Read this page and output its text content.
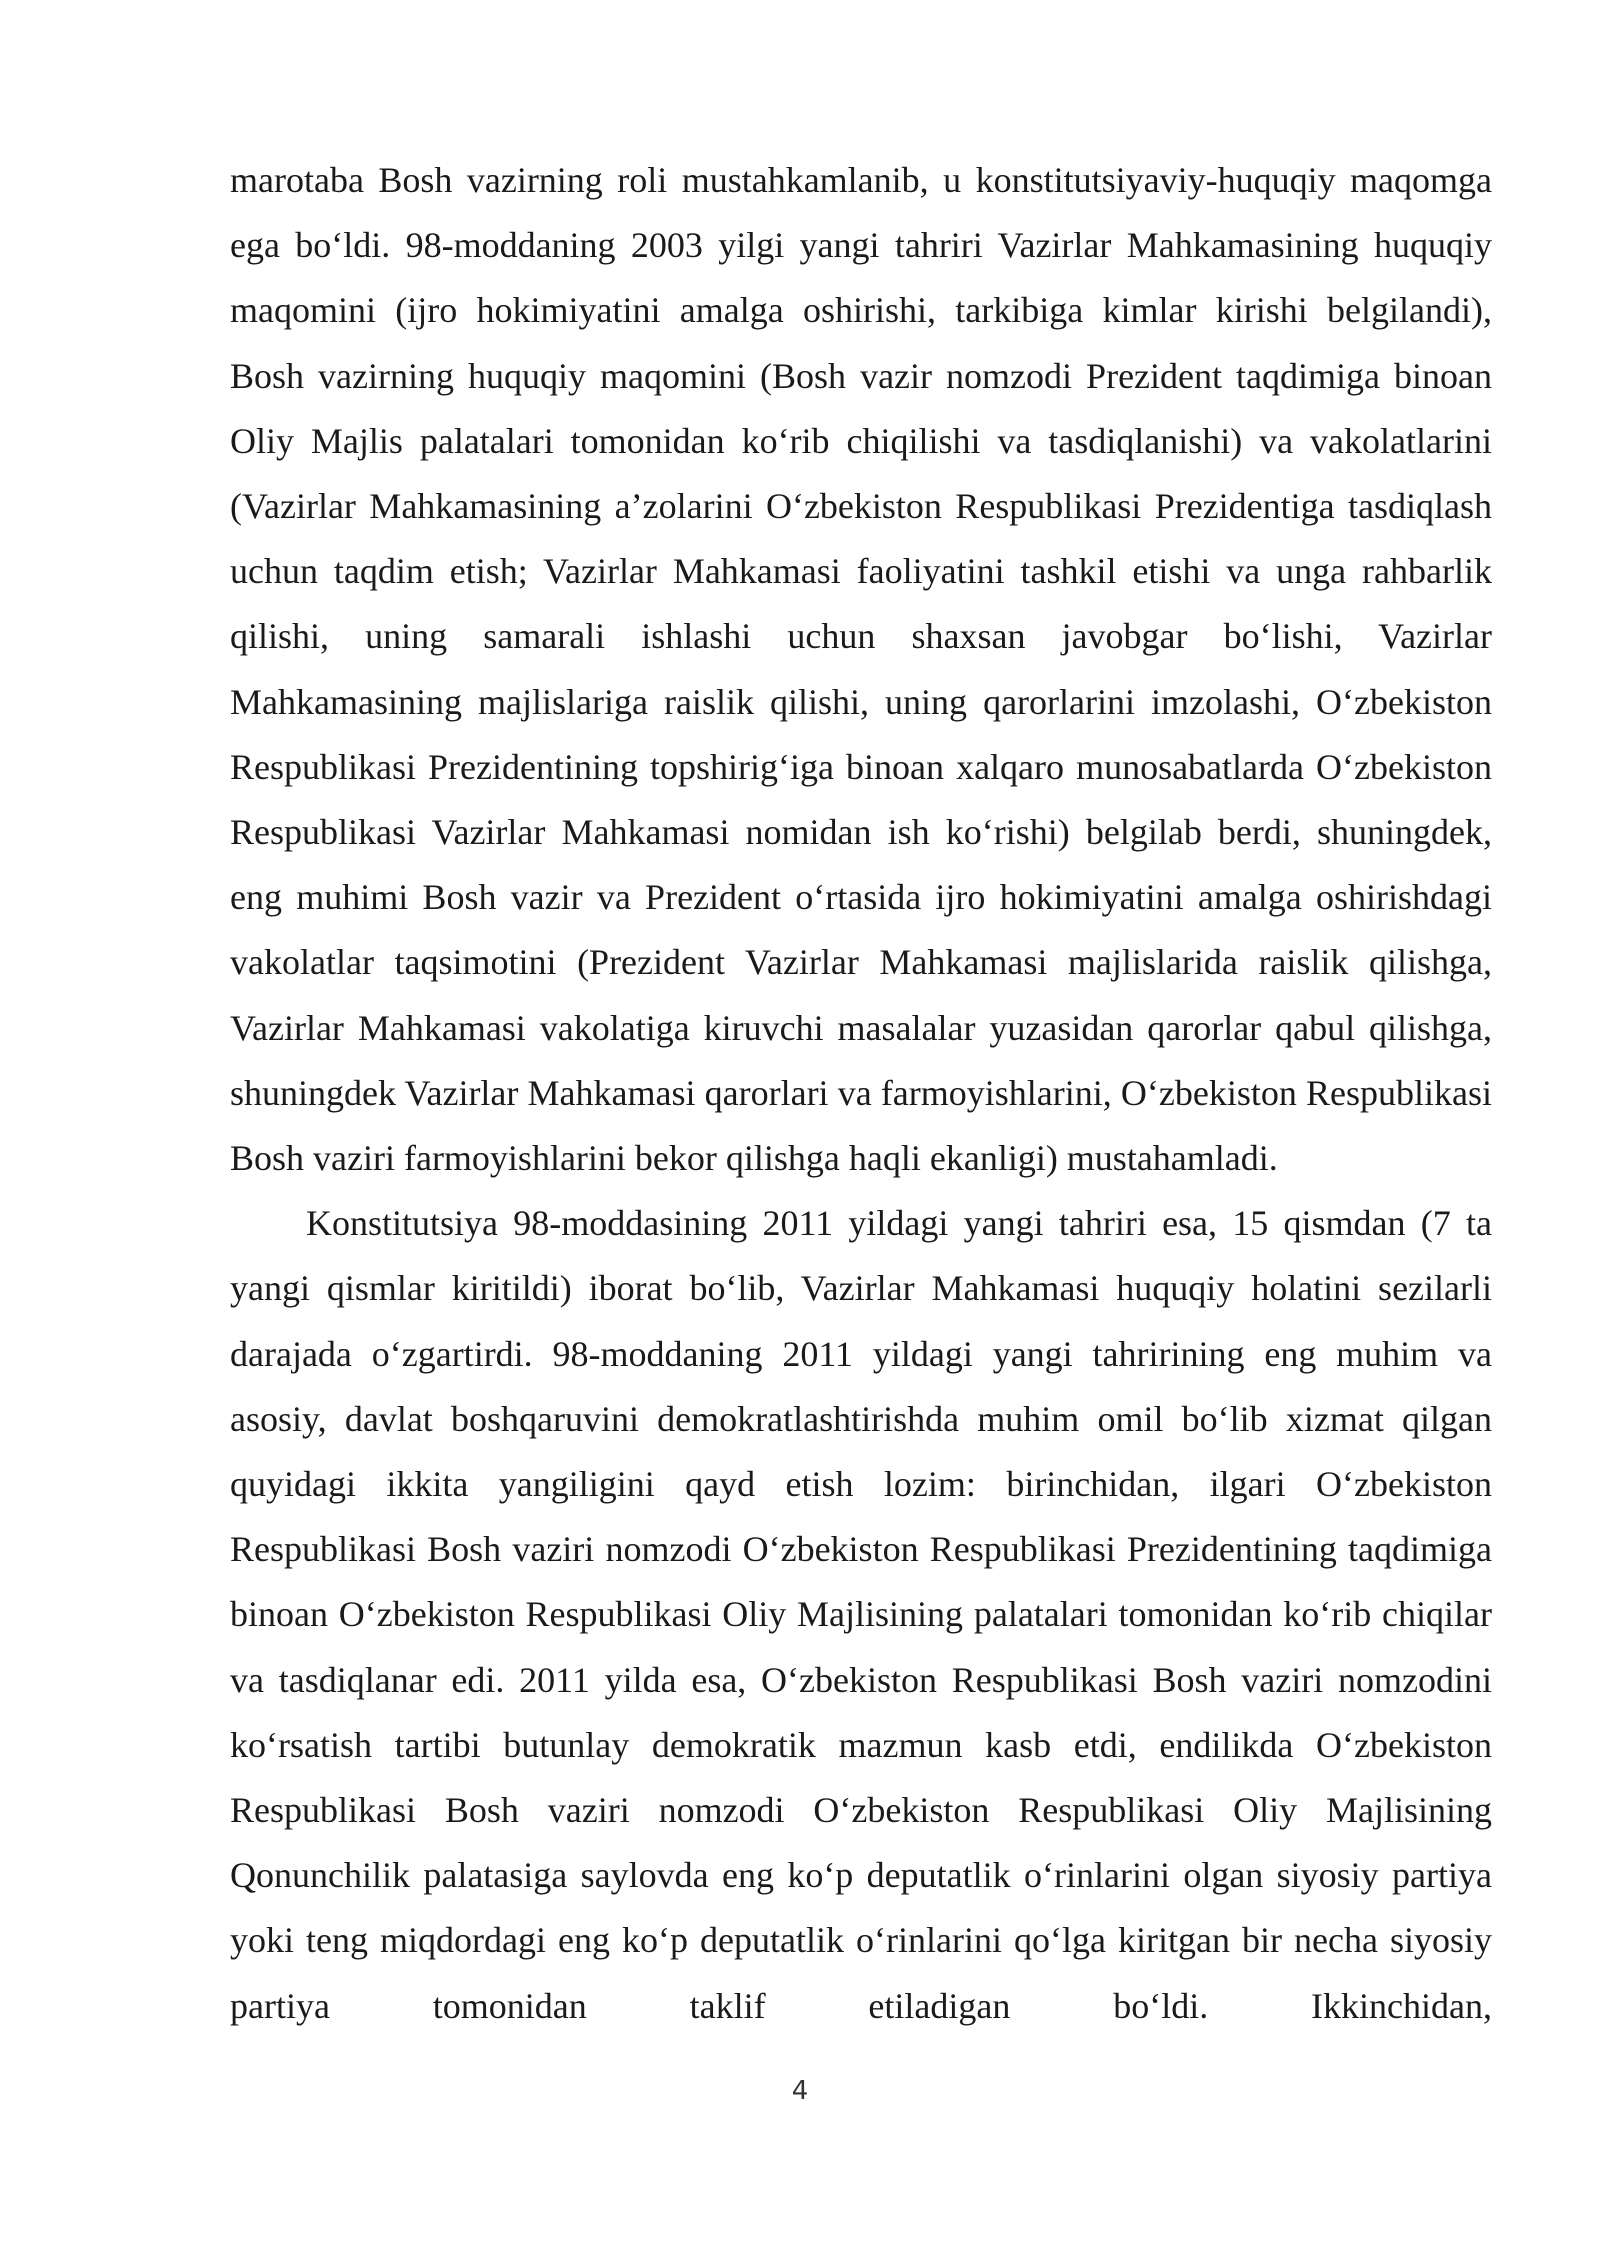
marotaba Bosh vazirning roli mustahkamlanib, u konstitutsiyaviy-huquqiy maqomga ega bo‘ldi. 98-moddaning 2003 yilgi yangi tahriri Vazirlar Mahkamasining huquqiy maqomini (ijro hokimiyatini amalga oshirishi, tarkibiga kimlar kirishi belgilandi), Bosh vazirning huquqiy maqomini (Bosh vazir nomzodi Prezident taqdimiga binoan Oliy Majlis palatalari tomonidan ko‘rib chiqilishi va tasdiqlanishi) va vakolatlarini (Vazirlar Mahkamasining a’zolarini O‘zbekiston Respublikasi Prezidentiga tasdiqlash uchun taqdim etish; Vazirlar Mahkamasi faoliyatini tashkil etishi va unga rahbarlik qilishi, uning samarali ishlashi uchun shaxsan javobgar bo‘lishi, Vazirlar Mahkamasining majlislariga raislik qilishi, uning qarorlarini imzolashi, O‘zbekiston Respublikasi Prezidentining topshirig‘iga binoan xalqaro munosabatlarda O‘zbekiston Respublikasi Vazirlar Mahkamasi nomidan ish ko‘rishi) belgilab berdi, shuningdek, eng muhimi Bosh vazir va Prezident o‘rtasida ijro hokimiyatini amalga oshirishdagi vakolatlar taqsimotini (Prezident Vazirlar Mahkamasi majlislarida raislik qilishga, Vazirlar Mahkamasi vakolatiga kiruvchi masalalar yuzasidan qarorlar qabul qilishga, shuningdek Vazirlar Mahkamasi qarorlari va farmoyishlarini, O‘zbekiston Respublikasi Bosh vaziri farmoyishlarini bekor qilishga haqli ekanligi) mustahamladi.

Konstitutsiya 98-moddasining 2011 yildagi yangi tahriri esa, 15 qismdan (7 ta yangi qismlar kiritildi) iborat bo‘lib, Vazirlar Mahkamasi huquqiy holatini sezilarli darajada o‘zgartirdi. 98-moddaning 2011 yildagi yangi tahririning eng muhim va asosiy, davlat boshqaruvini demokratlashtirishda muhim omil bo‘lib xizmat qilgan quyidagi ikkita yangiligini qayd etish lozim: birinchidan, ilgari O‘zbekiston Respublikasi Bosh vaziri nomzodi O‘zbekiston Respublikasi Prezidentining taqdimiga binoan O‘zbekiston Respublikasi Oliy Majlisining palatalari tomonidan ko‘rib chiqilar va tasdiqlanar edi. 2011 yilda esa, O‘zbekiston Respublikasi Bosh vaziri nomzodini ko‘rsatish tartibi butunlay demokratik mazmun kasb etdi, endilikda O‘zbekiston Respublikasi Bosh vaziri nomzodi O‘zbekiston Respublikasi Oliy Majlisining Qonunchilik palatasiga saylovda eng ko‘p deputatlik o‘rinlarini olgan siyosiy partiya yoki teng miqdordagi eng ko‘p deputatlik o‘rinlarini qo‘lga kiritgan bir necha siyosiy partiya tomonidan taklif etiladigan bo‘ldi. Ikkinchidan,

4
